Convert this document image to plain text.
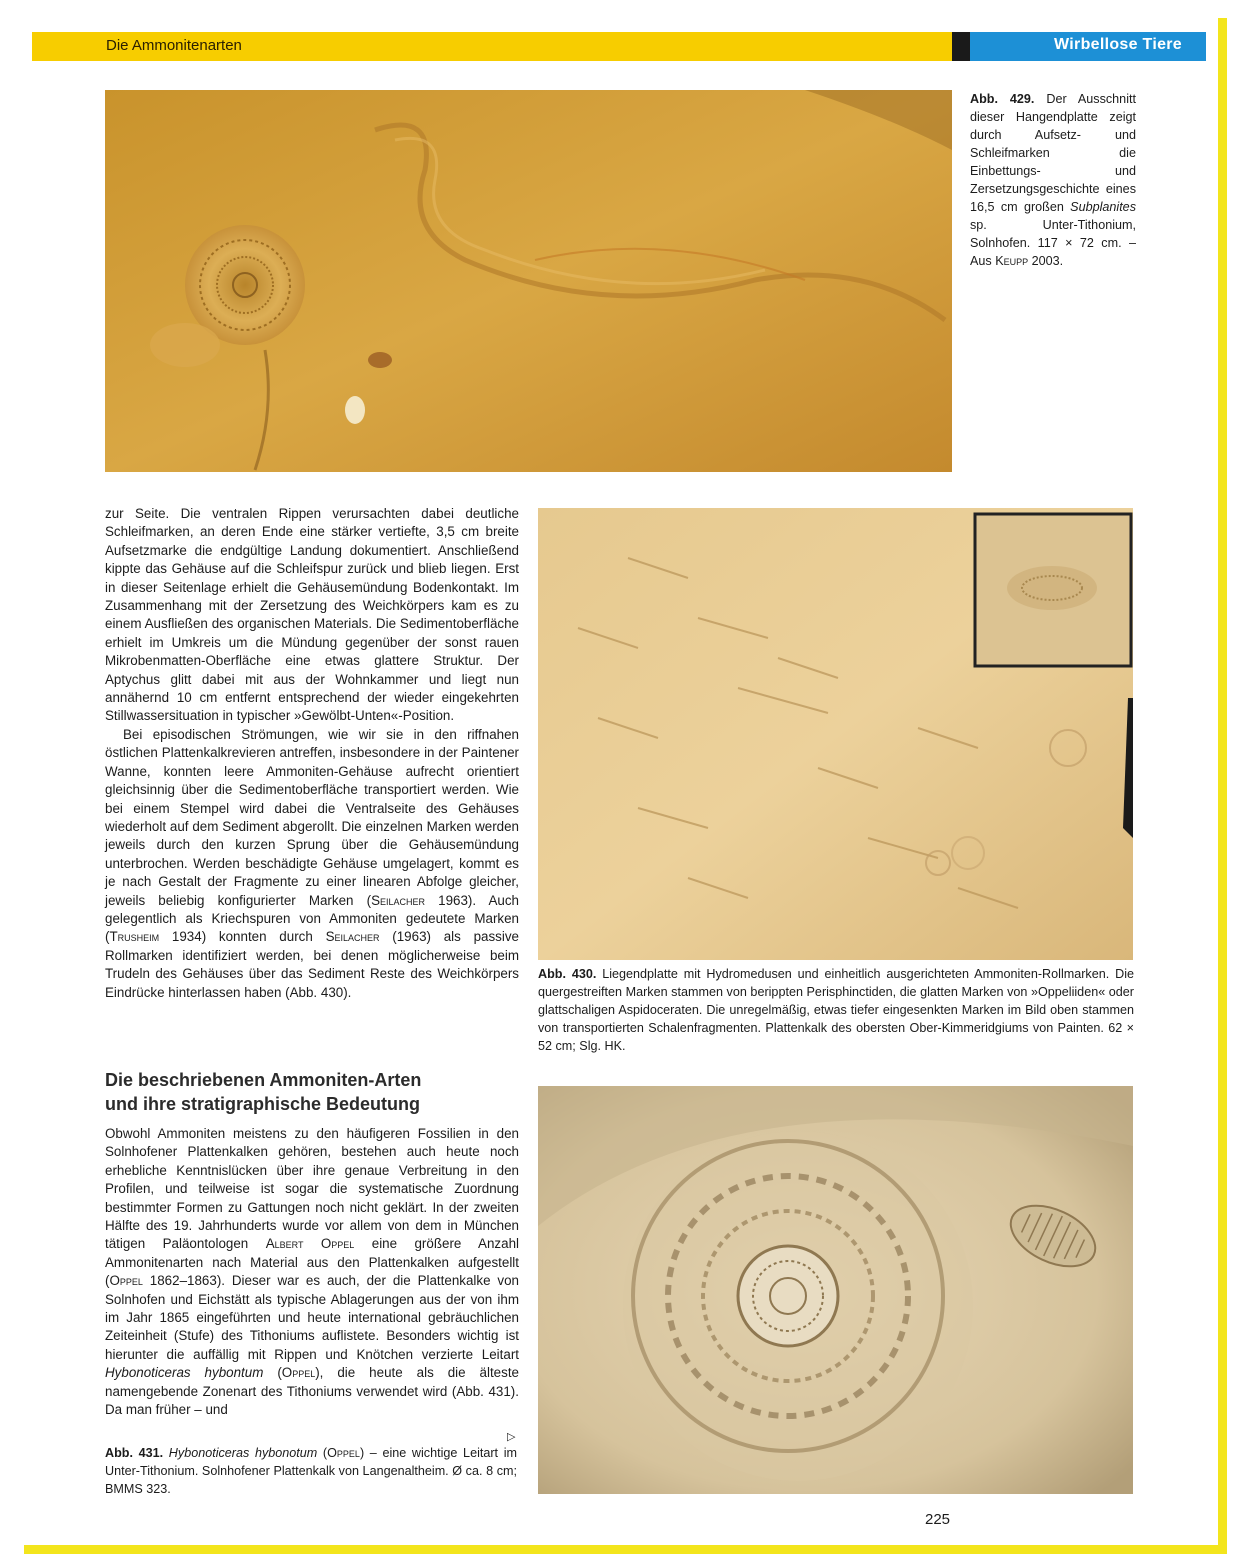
Die Ammonitenarten	Wirbellose Tiere
Abb. 429. Der Ausschnitt dieser Hangendplatte zeigt durch Aufsetz- und Schleifmarken die Einbettungs- und Zersetzungsgeschichte eines 16,5 cm großen Subplanites sp. Unter-Tithonium, Solnhofen. 117 × 72 cm. – Aus Keupp 2003.

zur Seite. Die ventralen Rippen verursachten dabei deutliche Schleifmarken, an deren Ende eine stärker vertiefte, 3,5 cm breite Aufsetzmarke die endgültige Landung dokumentiert. Anschließend kippte das Gehäuse auf die Schleifspur zurück und blieb liegen. Erst in dieser Seitenlage erhielt die Gehäusemündung Bodenkontakt. Im Zusammenhang mit der Zersetzung des Weichkörpers kam es zu einem Ausfließen des organischen Materials. Die Sedimentoberfläche erhielt im Umkreis um die Mündung gegenüber der sonst rauen Mikrobenmatten-Oberfläche eine etwas glattere Struktur. Der Aptychus glitt dabei mit aus der Wohnkammer und liegt nun annähernd 10 cm entfernt entsprechend der wieder eingekehrten Stillwassersituation in typischer »Gewölbt-Unten«-Position.

Bei episodischen Strömungen, wie wir sie in den riffnahen östlichen Plattenkalkrevieren antreffen, insbesondere in der Paintener Wanne, konnten leere Ammoniten-Gehäuse aufrecht orientiert gleichsinnig über die Sedimentoberfläche transportiert werden. Wie bei einem Stempel wird dabei die Ventralseite des Gehäuses wiederholt auf dem Sediment abgerollt. Die einzelnen Marken werden jeweils durch den kurzen Sprung über die Gehäusemündung unterbrochen. Werden beschädigte Gehäuse umgelagert, kommt es je nach Gestalt der Fragmente zu einer linearen Abfolge gleicher, jeweils beliebig konfigurierter Marken (Seilacher 1963). Auch gelegentlich als Kriechspuren von Ammoniten gedeutete Marken (Trusheim 1934) konnten durch Seilacher (1963) als passive Rollmarken identifiziert werden, bei denen möglicherweise beim Trudeln des Gehäuses über das Sediment Reste des Weichkörpers Eindrücke hinterlassen haben (Abb. 430).

Abb. 430. Liegendplatte mit Hydromedusen und einheitlich ausgerichteten Ammoniten-Rollmarken. Die quergestreiften Marken stammen von berippten Perisphinctiden, die glatten Marken von »Oppeliiden« oder glattschaligen Aspidoceraten. Die unregelmäßig, etwas tiefer eingesenkten Marken im Bild oben stammen von transportierten Schalenfragmenten. Plattenkalk des obersten Ober-Kimmeridgiums von Painten. 62 × 52 cm; Slg. HK.
Die beschriebenen Ammoniten-Arten
und ihre stratigraphische Bedeutung

Obwohl Ammoniten meistens zu den häufigeren Fossilien in den Solnhofener Plattenkalken gehören, bestehen auch heute noch erhebliche Kenntnislücken über ihre genaue Verbreitung in den Profilen, und teilweise ist sogar die systematische Zuordnung bestimmter Formen zu Gattungen noch nicht geklärt. In der zweiten Hälfte des 19. Jahrhunderts wurde vor allem von dem in München tätigen Paläontologen Albert Oppel eine größere Anzahl Ammonitenarten nach Material aus den Plattenkalken aufgestellt (Oppel 1862–1863). Dieser war es auch, der die Plattenkalke von Solnhofen und Eichstätt als typische Ablagerungen aus der von ihm im Jahr 1865 eingeführten und heute international gebräuchlichen Zeiteinheit (Stufe) des Tithoniums auflistete. Besonders wichtig ist hierunter die auffällig mit Rippen und Knötchen verzierte Leitart Hybonoticeras hybontum (Oppel), die heute als die älteste namengebende Zonenart des Tithoniums verwendet wird (Abb. 431). Da man früher – und

▷
Abb. 431. Hybonoticeras hybonotum (Oppel) – eine wichtige Leitart im Unter-Tithonium. Solnhofener Plattenkalk von Langenaltheim. Ø ca. 8 cm; BMMS 323.
225
